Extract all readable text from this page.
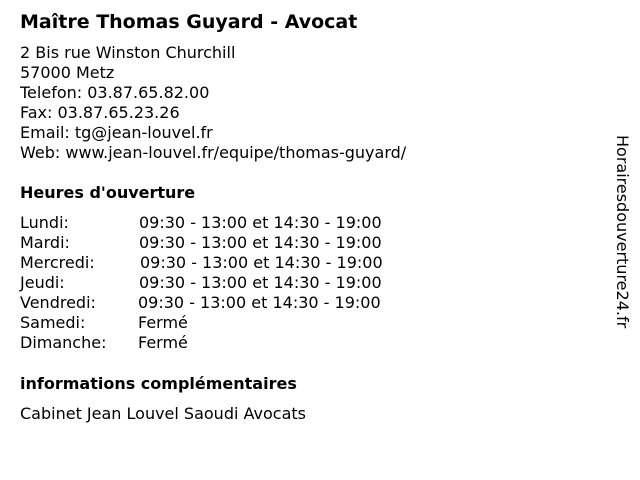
Maître Thomas Guyard - Avocat
2 Bis rue Winston Churchill
57000 Metz
Telefon: 03.87.65.82.00
Fax: 03.87.65.23.26
Email: tg@jean-louvel.fr
Web: www.jean-louvel.fr/equipe/thomas-guyard/
Heures d'ouverture
Lundi:	09:30 - 13:00 et 14:30 - 19:00
Mardi:	09:30 - 13:00 et 14:30 - 19:00
Mercredi:	09:30 - 13:00 et 14:30 - 19:00
Jeudi:	09:30 - 13:00 et 14:30 - 19:00
Vendredi:	09:30 - 13:00 et 14:30 - 19:00
Samedi:	Fermé
Dimanche: Fermé
informations complémentaires
Cabinet Jean Louvel Saoudi Avocats
Horairesdouverture24.fr
